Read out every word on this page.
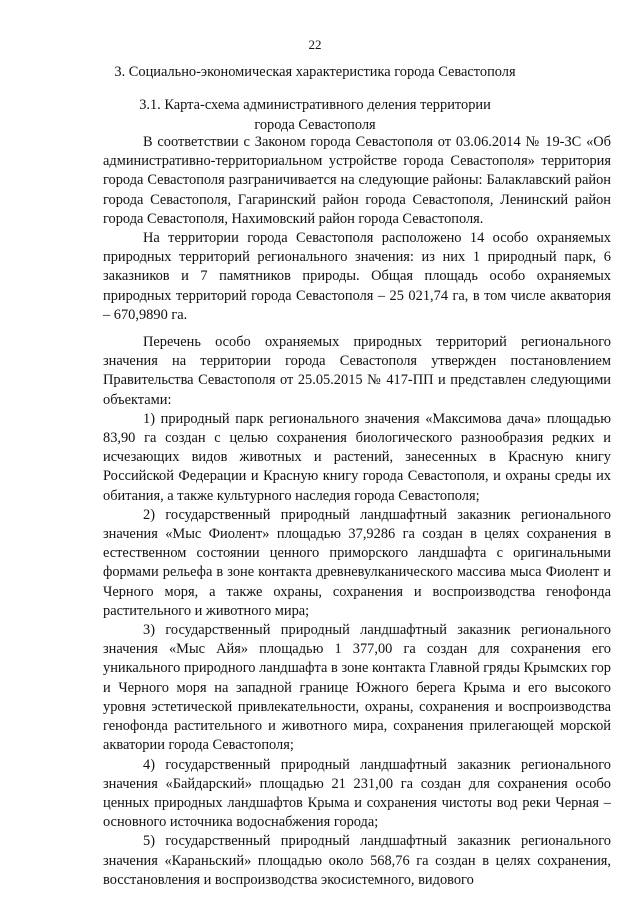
22
3. Социально-экономическая характеристика города Севастополя
3.1. Карта-схема административного деления территории
города Севастополя

В соответствии с Законом города Севастополя от 03.06.2014 № 19-ЗС «Об административно-территориальном устройстве города Севастополя» территория города Севастополя разграничивается на следующие районы: Балаклавский район города Севастополя, Гагаринский район города Севастополя, Ленинский район города Севастополя, Нахимовский район города Севастополя.

На территории города Севастополя расположено 14 особо охраняемых природных территорий регионального значения: из них 1 природный парк, 6 заказников и 7 памятников природы. Общая площадь особо охраняемых природных территорий города Севастополя – 25 021,74 га, в том числе акватория – 670,9890 га.

Перечень особо охраняемых природных территорий регионального значения на территории города Севастополя утвержден постановлением Правительства Севастополя от 25.05.2015 № 417-ПП и представлен следующими объектами:

1) природный парк регионального значения «Максимова дача» площадью 83,90 га создан с целью сохранения биологического разнообразия редких и исчезающих видов животных и растений, занесенных в Красную книгу Российской Федерации и Красную книгу города Севастополя, и охраны среды их обитания, а также культурного наследия города Севастополя;

2) государственный природный ландшафтный заказник регионального значения «Мыс Фиолент» площадью 37,9286 га создан в целях сохранения в естественном состоянии ценного приморского ландшафта с оригинальными формами рельефа в зоне контакта древневулканического массива мыса Фиолент и Черного моря, а также охраны, сохранения и воспроизводства генофонда растительного и животного мира;

3) государственный природный ландшафтный заказник регионального значения «Мыс Айя» площадью 1 377,00 га создан для сохранения его уникального природного ландшафта в зоне контакта Главной гряды Крымских гор и Черного моря на западной границе Южного берега Крыма и его высокого уровня эстетической привлекательности, охраны, сохранения и воспроизводства генофонда растительного и животного мира, сохранения прилегающей морской акватории города Севастополя;

4) государственный природный ландшафтный заказник регионального значения «Байдарский» площадью 21 231,00 га создан для сохранения особо ценных природных ландшафтов Крыма и сохранения чистоты вод реки Черная – основного источника водоснабжения города;

5) государственный природный ландшафтный заказник регионального значения «Караньский» площадью около 568,76 га создан в целях сохранения, восстановления и воспроизводства экосистемного, видового
